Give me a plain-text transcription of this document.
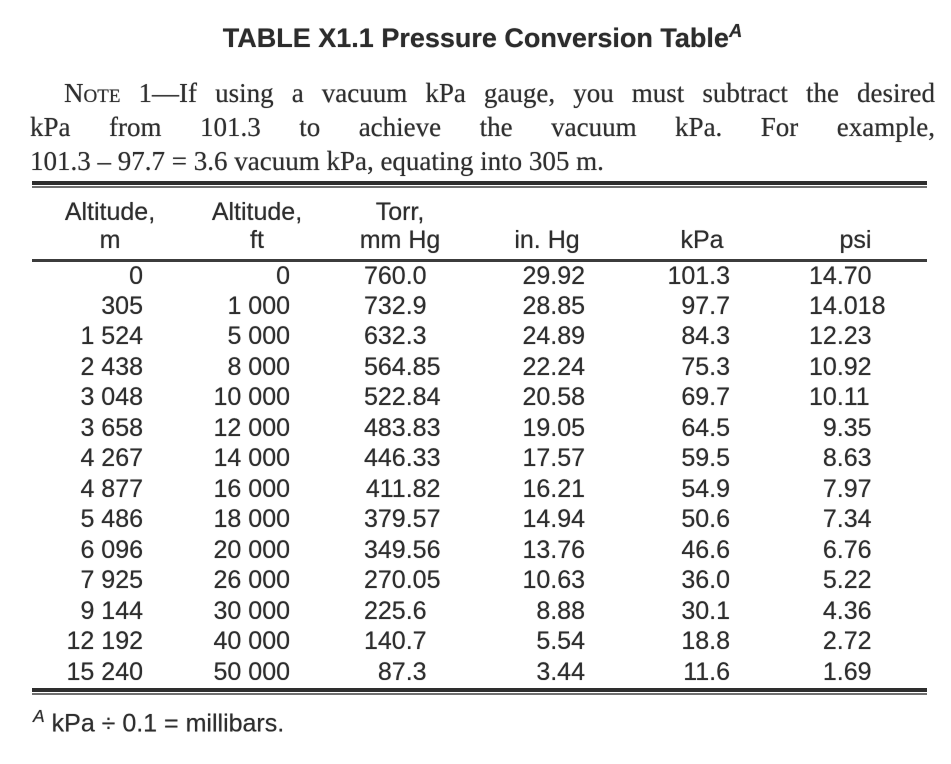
TABLE X1.1 Pressure Conversion Table$^A$
Note 1—If using a vacuum kPa gauge, you must subtract the desired
kPa from 101.3 to achieve the vacuum kPa. For example,
101.3 – 97.7 = 3.6 vacuum kPa, equating into 305 m.
Altitude,
m

Altitude,
ft

Torr,
mm Hg	in. Hg	kPa	psi

0	0	760.0	29.92	101.3	14.70
305	1 000	732.9	28.85	97.7	14.018
1 524	5 000	632.3	24.89	84.3	12.23
2 438	8 000	564.85	22.24	75.3	10.92
3 048	10 000	522.84	20.58	69.7	10.11
3 658	12 000	483.83	19.05	64.5	9.35
4 267	14 000	446.33	17.57	59.5	8.63
4 877	16 000	411.82	16.21	54.9	7.97
5 486	18 000	379.57	14.94	50.6	7.34
6 096	20 000	349.56	13.76	46.6	6.76
7 925	26 000	270.05	10.63	36.0	5.22
9 144	30 000	225.6	8.88	30.1	4.36
12 192	40 000	140.7	5.54	18.8	2.72
15 240	50 000	87.3	3.44	11.6	1.69
$^A$ kPa ÷ 0.1 = millibars.
